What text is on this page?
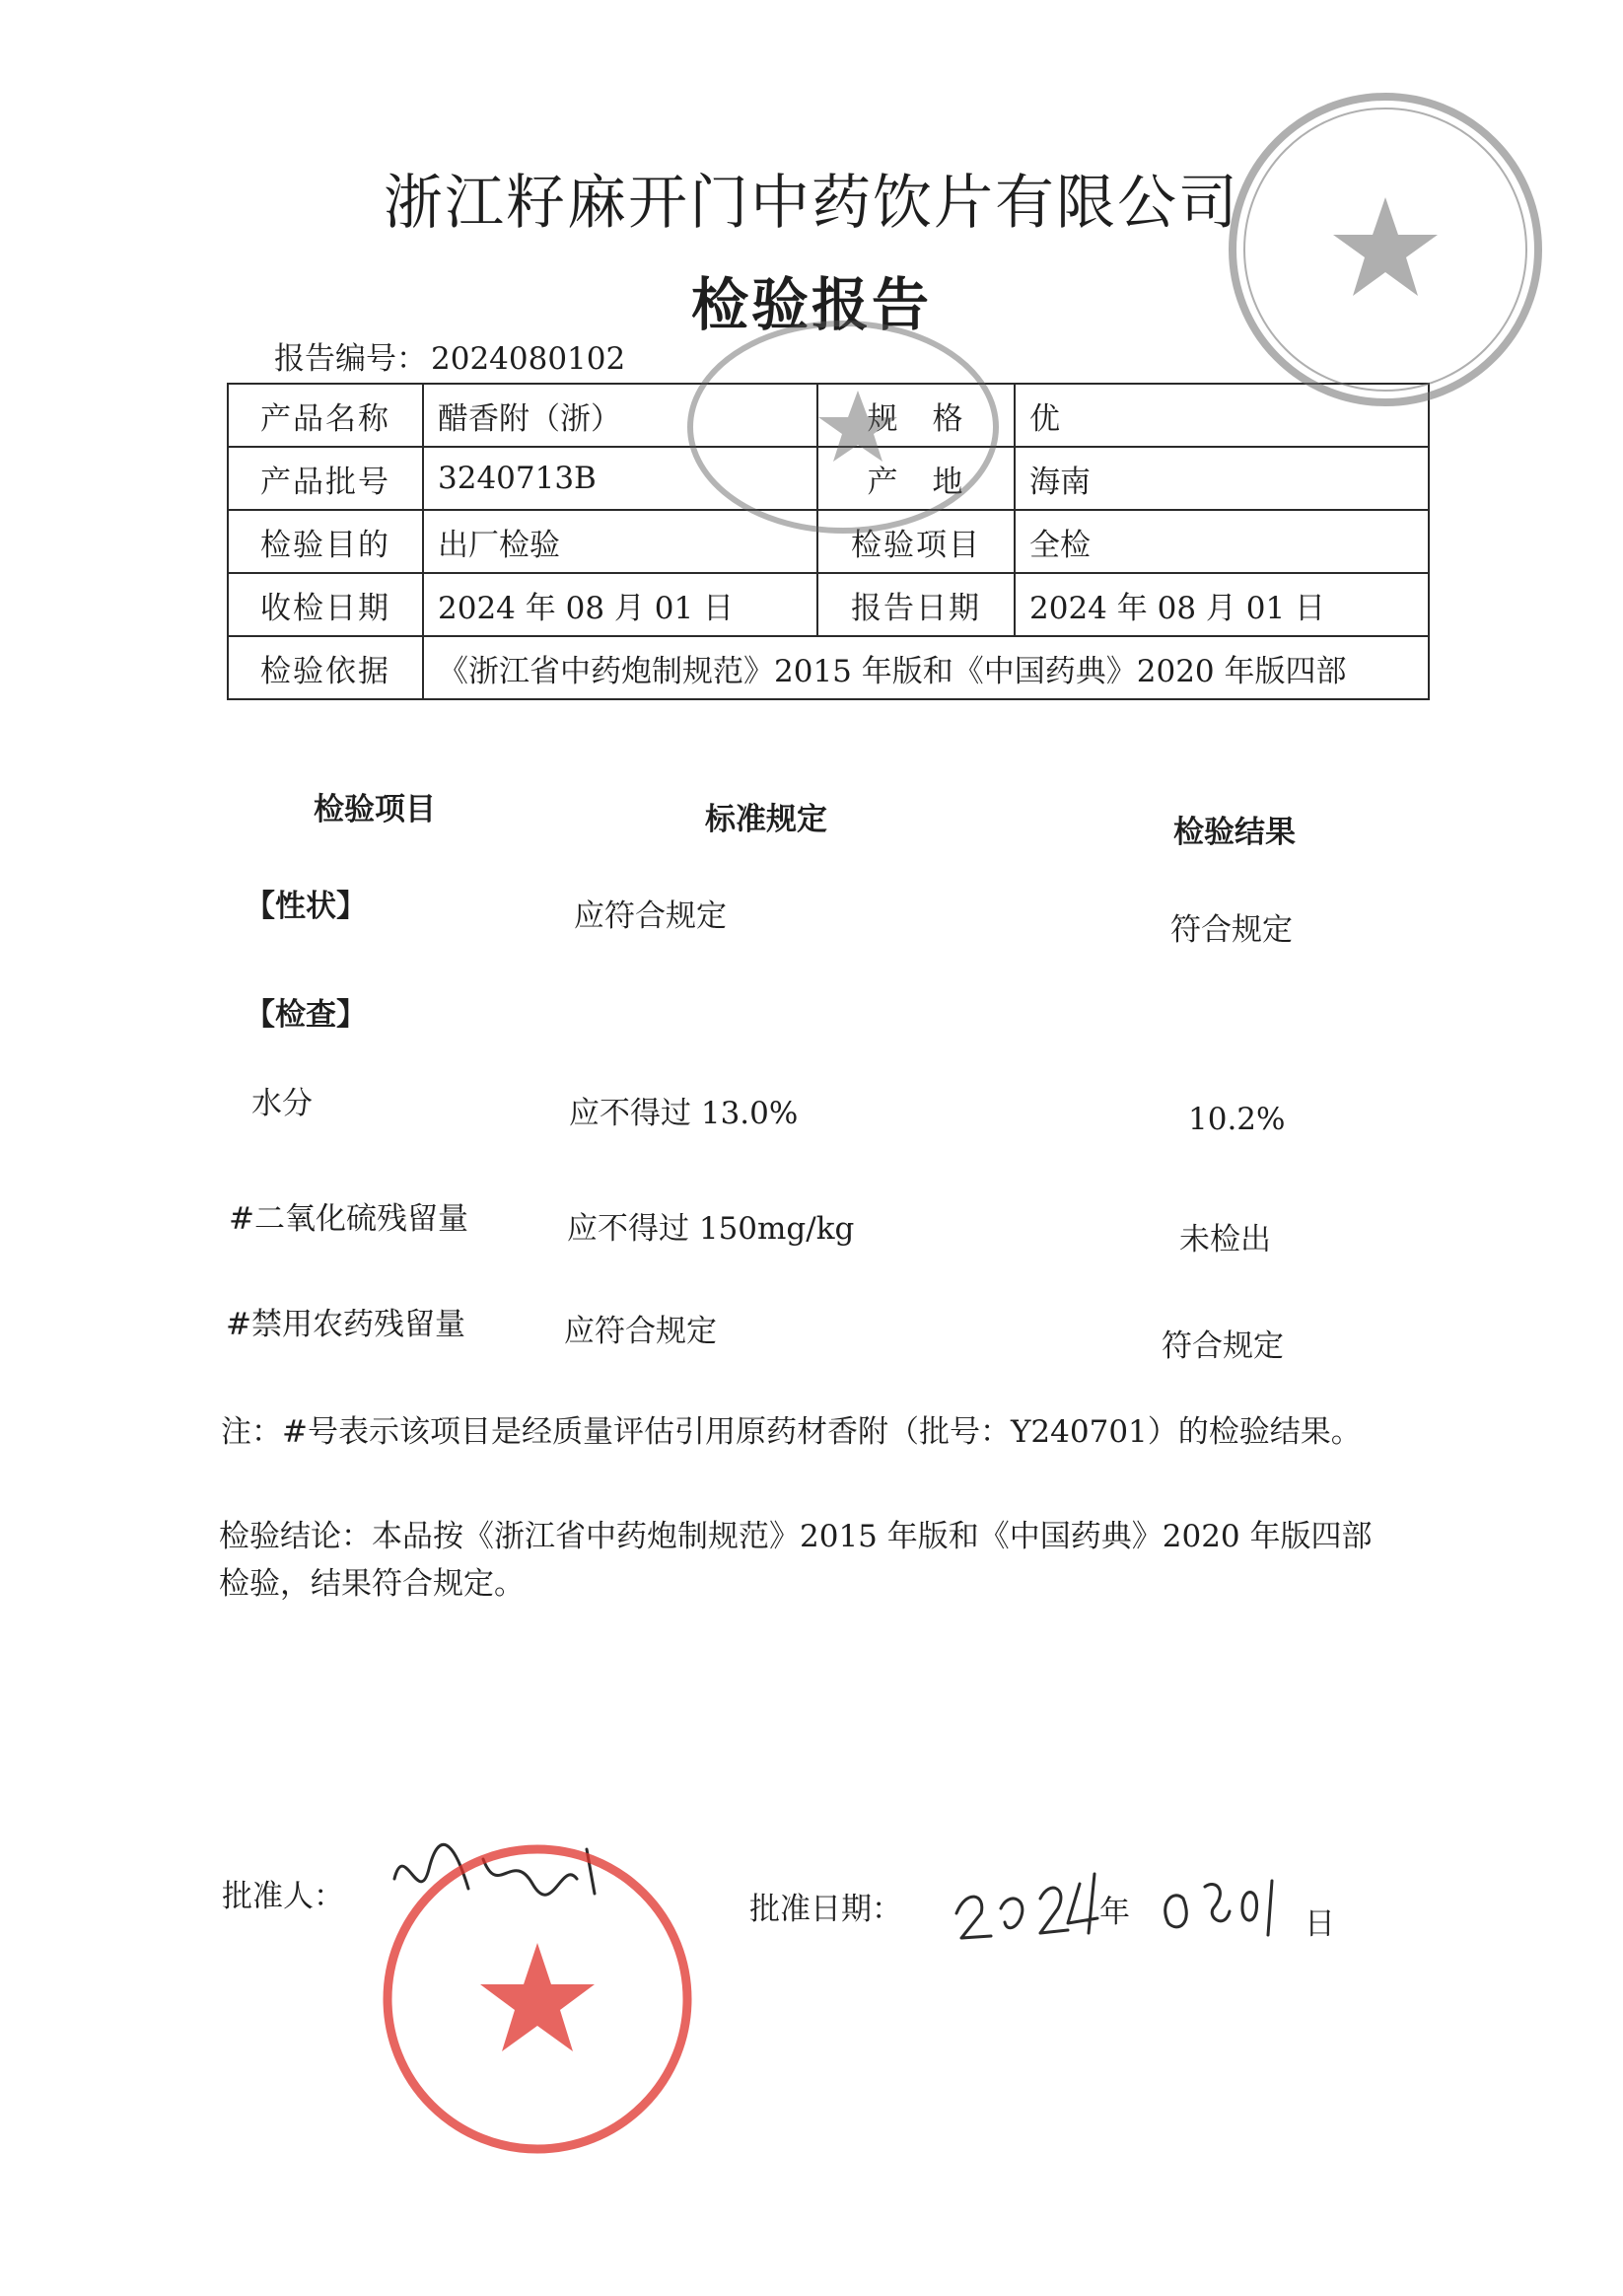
浙江籽麻开门中药饮片有限公司
检验报告
报告编号： 2024080102
产品名称	醋香附（浙）	规　格	优
产品批号	3240713B	产　地	海南
检验目的	出厂检验	检验项目	全检
收检日期	2024 年 08 月 01 日	报告日期	2024 年 08 月 01 日
检验依据	《浙江省中药炮制规范》2015 年版和《中国药典》2020 年版四部		
检验项目	标准规定	检验结果
【性状】	应符合规定	符合规定
【检查】
水分	应不得过 13.0%	10.2%
#二氧化硫残留量	应不得过 150mg/kg	未检出
#禁用农药残留量	应符合规定	符合规定
注：#号表示该项目是经质量评估引用原药材香附（批号：Y240701）的检验结果。
检验结论：本品按《浙江省中药炮制规范》2015 年版和《中国药典》2020 年版四部
检验，结果符合规定。
批准人：	批准日期：	年	日
